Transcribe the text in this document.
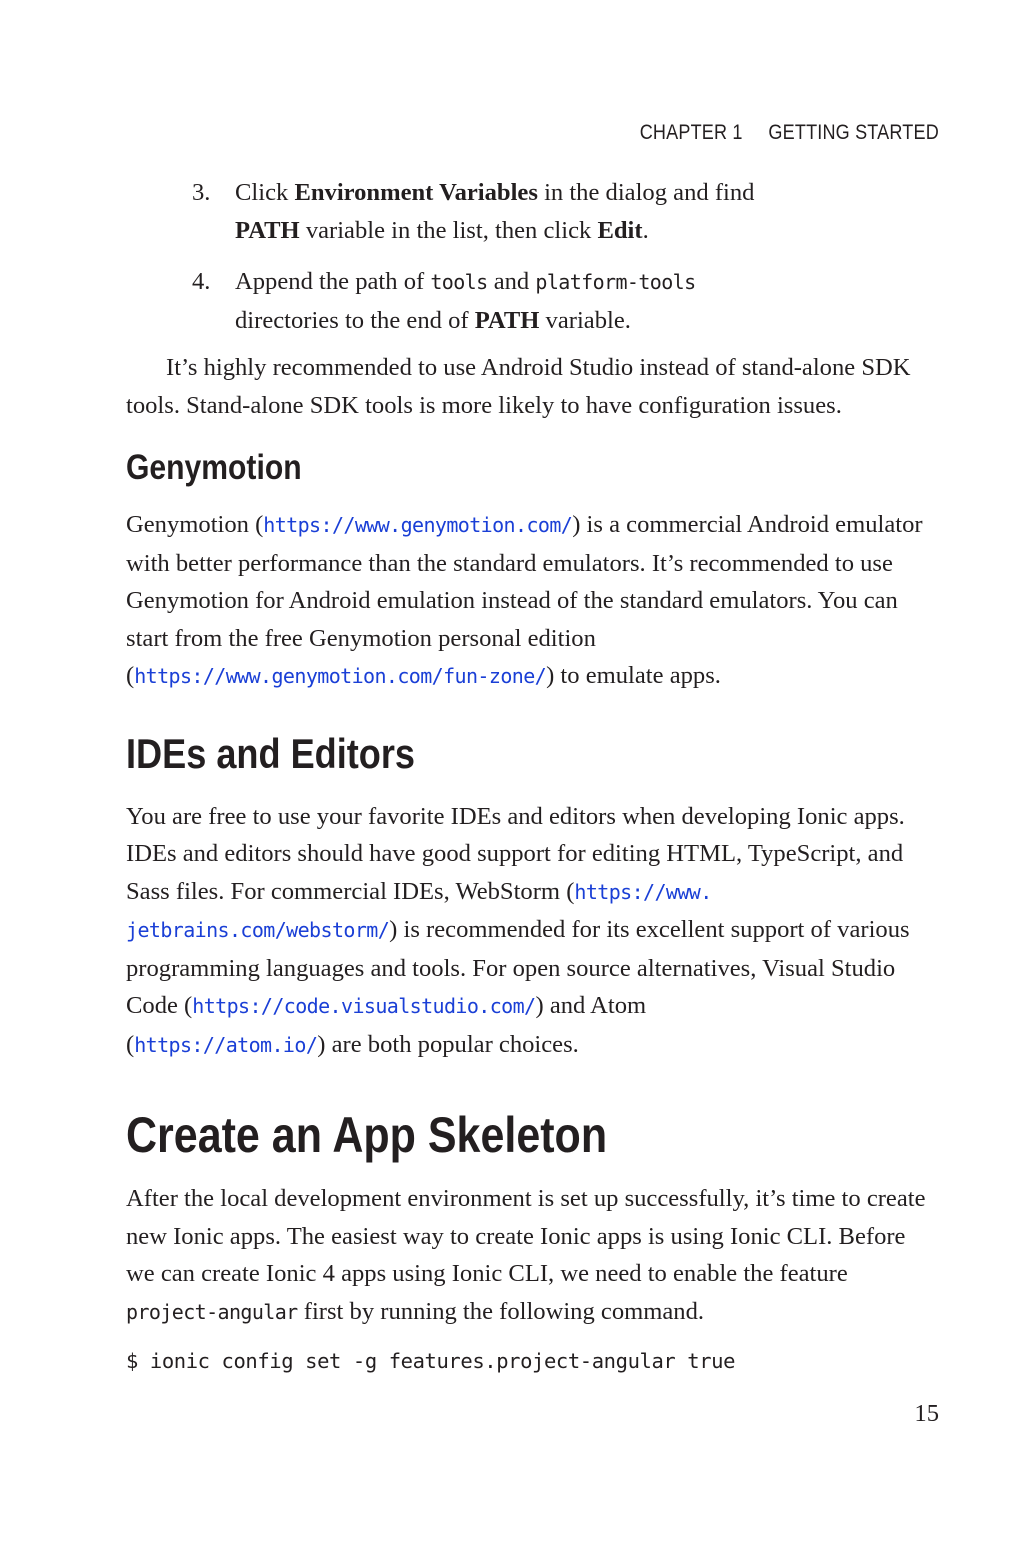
CHAPTER 1 GETTING STARTED
3. Click Environment Variables in the dialog and find
PATH variable in the list, then click Edit.
4. Append the path of tools and platform-tools
directories to the end of PATH variable.

It’s highly recommended to use Android Studio instead of stand-alone SDK tools. Stand-alone SDK tools is more likely to have configuration issues.

Genymotion

Genymotion (https://www.genymotion.com/) is a commercial Android emulator with better performance than the standard emulators. It’s recommended to use Genymotion for Android emulation instead of the standard emulators. You can start from the free Genymotion personal edition (https://www.genymotion.com/fun-zone/) to emulate apps.

IDEs and Editors

You are free to use your favorite IDEs and editors when developing Ionic apps. IDEs and editors should have good support for editing HTML, TypeScript, and Sass files. For commercial IDEs, WebStorm (https://www.
jetbrains.com/webstorm/) is recommended for its excellent support of various programming languages and tools. For open source alternatives, Visual Studio Code (https://code.visualstudio.com/) and Atom
(https://atom.io/) are both popular choices.

Create an App Skeleton

After the local development environment is set up successfully, it’s time to create new Ionic apps. The easiest way to create Ionic apps is using Ionic CLI. Before we can create Ionic 4 apps using Ionic CLI, we need to enable the feature project-angular first by running the following command.

$ ionic config set -g features.project-angular true
15
